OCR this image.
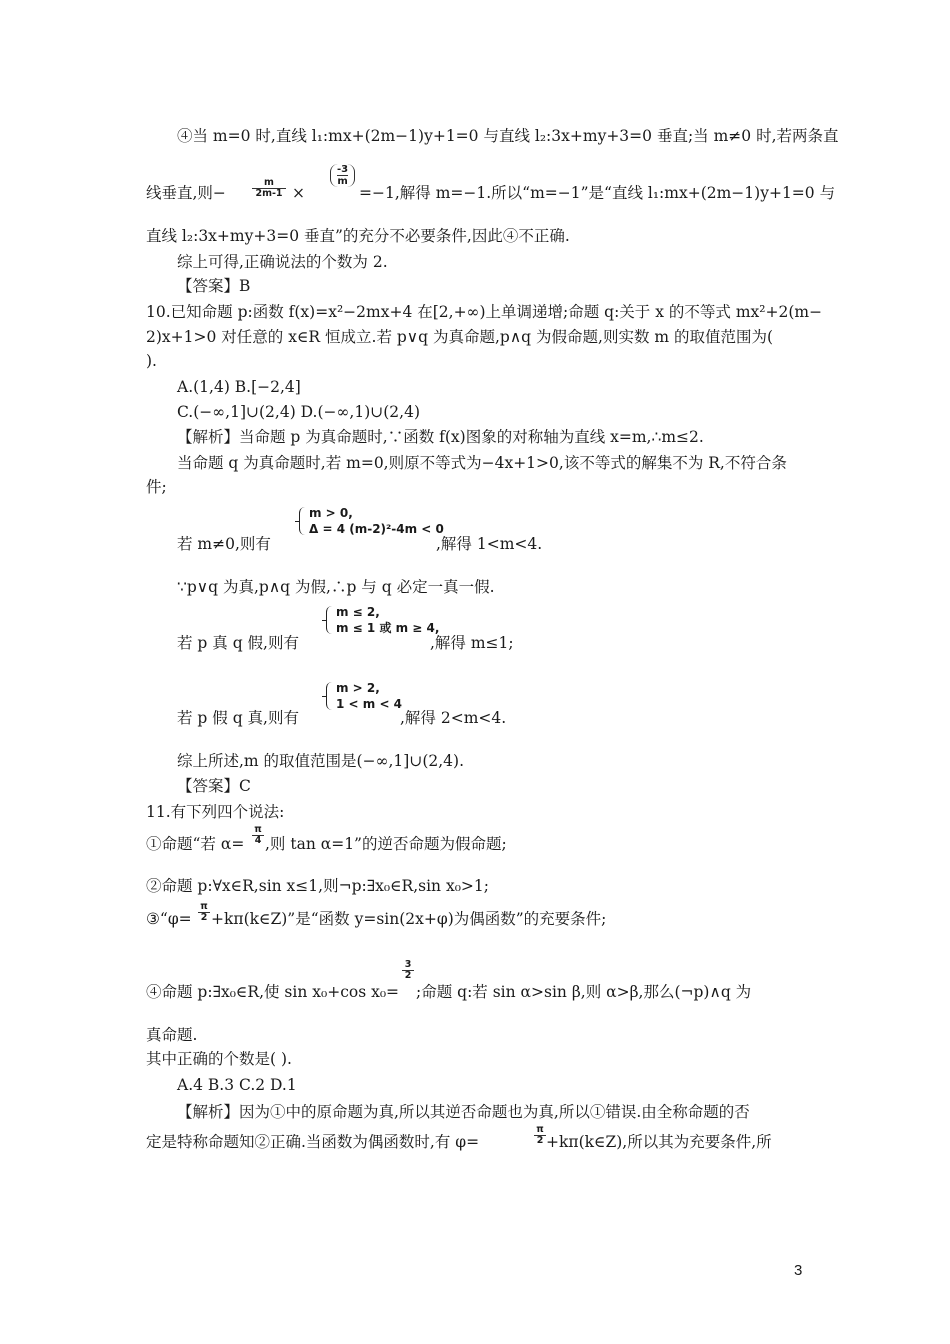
④当 m=0 时,直线 l₁:mx+(2m−1)y+1=0 与直线 l₂:3x+my+3=0 垂直;当 m≠0 时,若两条直
线垂直,则−	$\frac{m}{2m-1}$ ×
-3
m
=−1,解得 m=−1.所以“m=−1”是“直线 l₁:mx+(2m−1)y+1=0 与
直线 l₂:3x+my+3=0 垂直”的充分不必要条件,因此④不正确.
综上可得,正确说法的个数为 2.
【答案】B
10.已知命题 p:函数 f(x)=x²−2mx+4 在[2,+∞)上单调递增;命题 q:关于 x 的不等式 mx²+2(m−
2)x+1>0 对任意的 x∈R 恒成立.若 p∨q 为真命题,p∧q 为假命题,则实数 m 的取值范围为(
).
A.(1,4) B.[−2,4]
C.(−∞,1]∪(2,4) D.(−∞,1)∪(2,4)
【解析】当命题 p 为真命题时,∵函数 f(x)图象的对称轴为直线 x=m,∴m≤2.
当命题 q 为真命题时,若 m=0,则原不等式为−4x+1>0,该不等式的解集不为 R,不符合条
件;
若 m≠0,则有
m > 0,
Δ = 4 (m-2)²-4m < 0
,解得 1<m<4.
∵p∨q 为真,p∧q 为假,∴p 与 q 必定一真一假.
若 p 真 q 假,则有
m ≤ 2,
m ≤ 1 或 m ≥ 4,
,解得 m≤1;
若 p 假 q 真,则有
m > 2,
1 < m < 4
,解得 2<m<4.
综上所述,m 的取值范围是(−∞,1]∪(2,4).
【答案】C
11.有下列四个说法:
①命题“若 $\alpha= \frac{\pi}{4}$ ,则 tan α=1”的逆否命题为假命题;
②命题 p:∀x∈R,sin x≤1,则¬p:∃x₀∈R,sin x₀>1;
③“φ= $\frac{\pi}{2}$ +kπ(k∈Z)”是“函数 y=sin(2x+φ)为偶函数”的充要条件;
④命题 p:∃x₀∈R,使 sin x₀+cos x₀=
$\frac{3}{2}$
;命题 q:若 sin α>sin β,则 α>β,那么(¬p)∧q 为
真命题.
其中正确的个数是( ).
A.4 B.3 C.2 D.1
【解析】因为①中的原命题为真,所以其逆否命题也为真,所以①错误.由全称命题的否
定是特称命题知②正确.当函数为偶函数时,有 φ=	$\frac{\pi}{2}$ +kπ(k∈Z),所以其为充要条件,所
3
